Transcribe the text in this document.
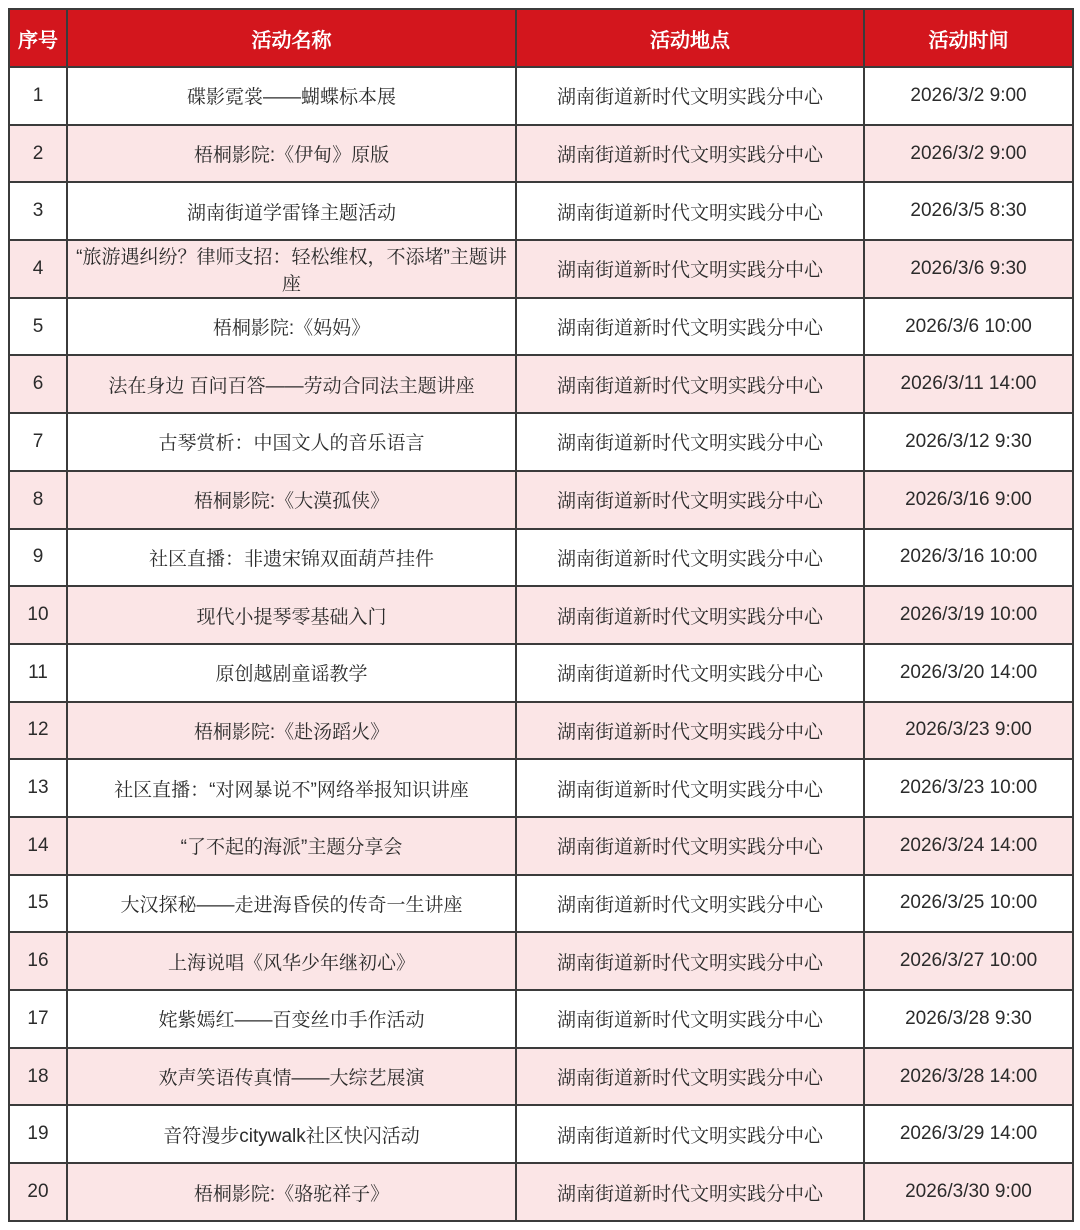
序号	活动名称	活动地点	活动时间
1	碟影霓裳——蝴蝶标本展	湖南街道新时代文明实践分中心	2026/3/2 9:00
2	梧桐影院:《伊甸》原版	湖南街道新时代文明实践分中心	2026/3/2 9:00
3	湖南街道学雷锋主题活动	湖南街道新时代文明实践分中心	2026/3/5 8:30
4	“旅游遇纠纷？律师支招：轻松维权，不添堵”主题讲座	湖南街道新时代文明实践分中心	2026/3/6 9:30
5	梧桐影院:《妈妈》	湖南街道新时代文明实践分中心	2026/3/6 10:00
6	法在身边 百问百答——劳动合同法主题讲座	湖南街道新时代文明实践分中心	2026/3/11 14:00
7	古琴赏析：中国文人的音乐语言	湖南街道新时代文明实践分中心	2026/3/12 9:30
8	梧桐影院:《大漠孤侠》	湖南街道新时代文明实践分中心	2026/3/16 9:00
9	社区直播：非遗宋锦双面葫芦挂件	湖南街道新时代文明实践分中心	2026/3/16 10:00
10	现代小提琴零基础入门	湖南街道新时代文明实践分中心	2026/3/19 10:00
11	原创越剧童谣教学	湖南街道新时代文明实践分中心	2026/3/20 14:00
12	梧桐影院:《赴汤蹈火》	湖南街道新时代文明实践分中心	2026/3/23 9:00
13	社区直播：“对网暴说不”网络举报知识讲座	湖南街道新时代文明实践分中心	2026/3/23 10:00
14	“了不起的海派”主题分享会	湖南街道新时代文明实践分中心	2026/3/24 14:00
15	大汉探秘——走进海昏侯的传奇一生讲座	湖南街道新时代文明实践分中心	2026/3/25 10:00
16	上海说唱《风华少年继初心》	湖南街道新时代文明实践分中心	2026/3/27 10:00
17	姹紫嫣红——百变丝巾手作活动	湖南街道新时代文明实践分中心	2026/3/28 9:30
18	欢声笑语传真情——大综艺展演	湖南街道新时代文明实践分中心	2026/3/28 14:00
19	音符漫步citywalk社区快闪活动	湖南街道新时代文明实践分中心	2026/3/29 14:00
20	梧桐影院:《骆驼祥子》	湖南街道新时代文明实践分中心	2026/3/30 9:00
